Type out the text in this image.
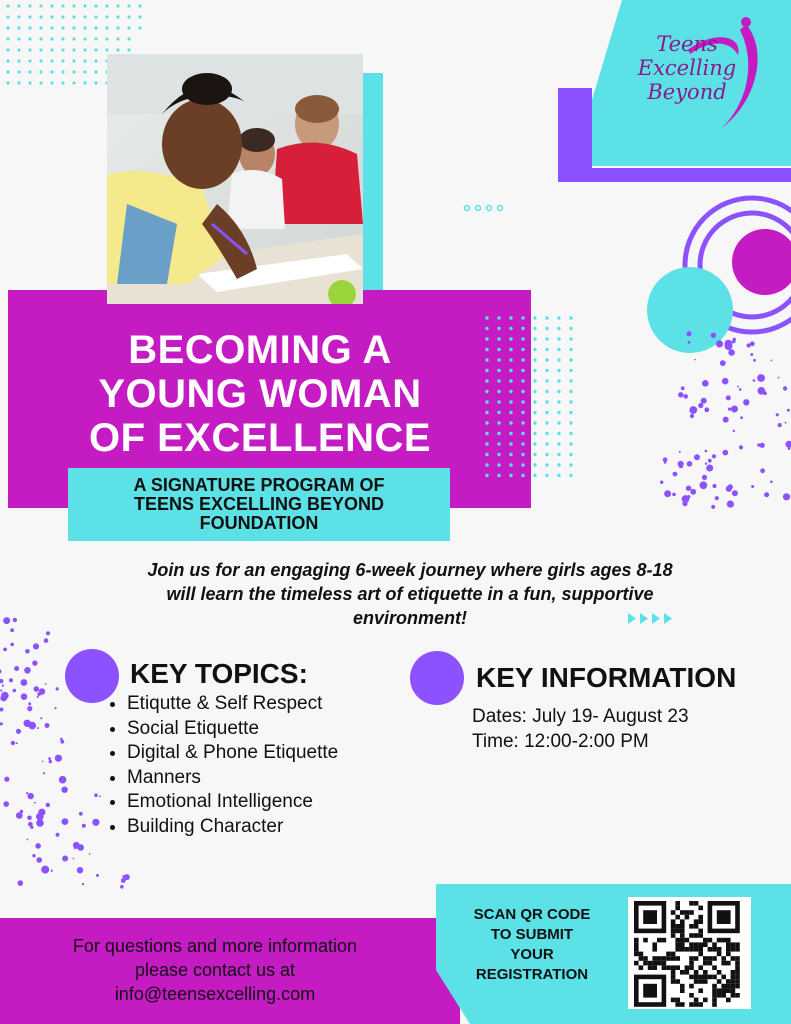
Teens
Excelling
Beyond
BECOMING A
YOUNG WOMAN
OF EXCELLENCE
A SIGNATURE PROGRAM OF
TEENS EXCELLING BEYOND
FOUNDATION
Join us for an engaging 6-week journey where girls ages 8-18
will learn the timeless art of etiquette in a fun, supportive
environment!
KEY TOPICS:
• Etiqutte & Self Respect
• Social Etiquette
• Digital & Phone Etiquette
• Manners
• Emotional Intelligence
• Building Character
KEY INFORMATION
Dates: July 19- August 23
Time: 12:00-2:00 PM
For questions and more information
please contact us at
info@teensexcelling.com
SCAN QR CODE
TO SUBMIT
YOUR
REGISTRATION
